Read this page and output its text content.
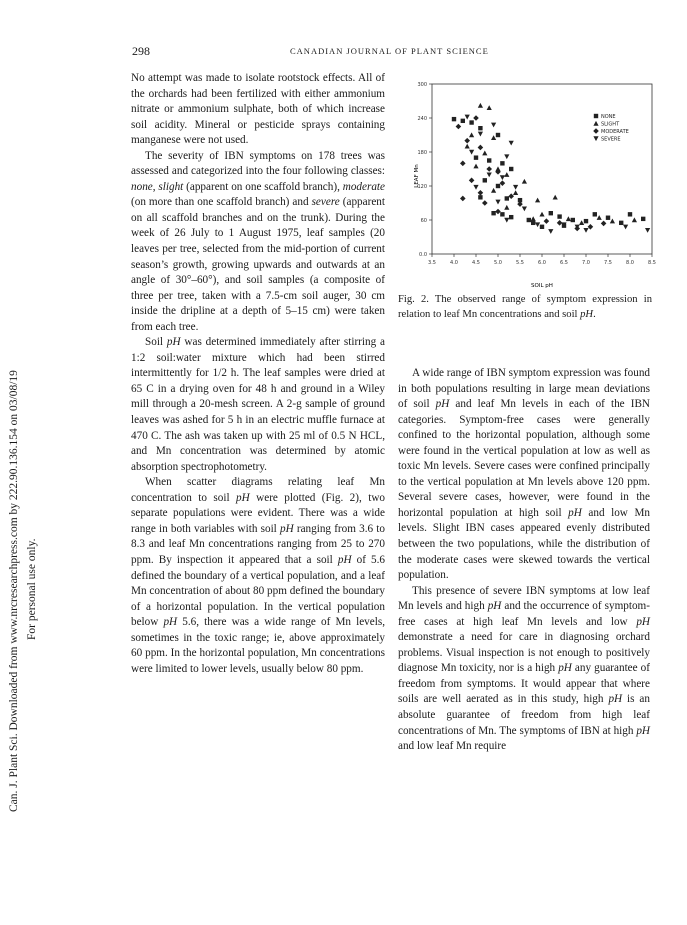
298	CANADIAN JOURNAL OF PLANT SCIENCE
Can. J. Plant Sci. Downloaded from www.nrcresearchpress.com by 222.90.136.154 on 03/08/19 For personal use only.

No attempt was made to isolate rootstock effects. All of the orchards had been fertilized with either ammonium nitrate or ammonium sulphate, both of which increase soil acidity. Mineral or pesticide sprays containing manganese were not used.

The severity of IBN symptoms on 178 trees was assessed and categorized into the four following classes: none, slight (apparent on one scaffold branch), moderate (on more than one scaffold branch) and severe (apparent on all scaffold branches and on the trunk). During the week of 26 July to 1 August 1975, leaf samples (20 leaves per tree, selected from the mid-portion of current season’s growth, growing upwards and outwards at an angle of 30°–60°), and soil samples (a composite of three per tree, taken with a 7.5-cm soil auger, 30 cm inside the dripline at a depth of 5–15 cm) were taken from each tree.

Soil pH was determined immediately after stirring a 1:2 soil:water mixture which had been stirred intermittently for 1/2 h. The leaf samples were dried at 65 C in a drying oven for 48 h and ground in a Wiley mill through a 20-mesh screen. A 2-g sample of ground leaves was ashed for 5 h in an electric muffle furnace at 470 C. The ash was taken up with 25 ml of 0.5 N HCL, and Mn concentration was determined by atomic absorption spectrophotometry.

When scatter diagrams relating leaf Mn concentration to soil pH were plotted (Fig. 2), two separate populations were evident. There was a wide range in both variables with soil pH ranging from 3.6 to 8.3 and leaf Mn concentrations ranging from 25 to 270 ppm. By inspection it appeared that a soil pH of 5.6 defined the boundary of a vertical population, and a leaf Mn concentration of about 80 ppm defined the boundary of a horizontal population. In the vertical population below pH 5.6, there was a wide range of Mn levels, sometimes in the toxic range; ie, above approximately 60 ppm. In the horizontal population, Mn concentrations were limited to lower levels, usually below 80 ppm.

LEAF Mn
SOIL pH
3.5	4.0	4.5	5.0	5.5	6.0	6.5	7.0	7.5	8.0	8.5
0.0
60
120
180
240
300
NONE
SLIGHT
MODERATE
SEVERE
Fig. 2. The observed range of symptom expression in relation to leaf Mn concentrations and soil pH.

A wide range of IBN symptom expression was found in both populations resulting in large mean deviations of soil pH and leaf Mn levels in each of the IBN categories. Symptom-free cases were generally confined to the horizontal population, although some were found in the vertical population at low as well as toxic Mn levels. Severe cases were confined principally to the vertical population at Mn levels above 120 ppm. Several severe cases, however, were found in the horizontal population at high soil pH and low Mn levels. Slight IBN cases appeared evenly distributed between the two populations, while the distribution of the moderate cases were skewed towards the vertical population.

This presence of severe IBN symptoms at low leaf Mn levels and high pH and the occurrence of symptom-free cases at high leaf Mn levels and low pH demonstrate a need for care in diagnosing orchard problems. Visual inspection is not enough to positively diagnose Mn toxicity, nor is a high pH any guarantee of freedom from symptoms. It would appear that where soils are well aerated as in this study, high pH is an absolute guarantee of freedom from high leaf concentrations of Mn. The symptoms of IBN at high pH and low leaf Mn require
